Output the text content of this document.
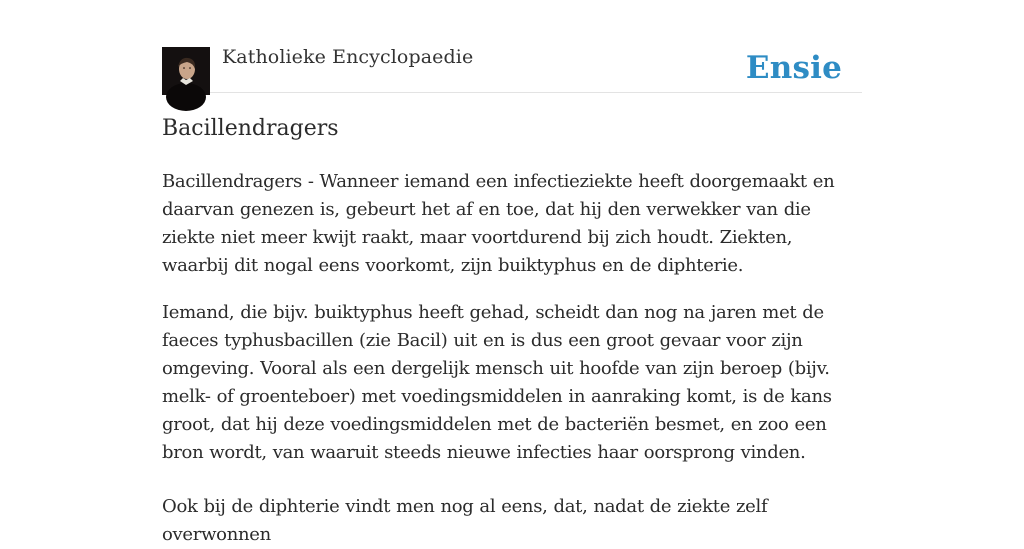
Katholieke Encyclopaedie	Ensie
Bacillendragers

Bacillendragers - Wanneer iemand een infectieziekte heeft doorgemaakt en daarvan genezen is, gebeurt het af en toe, dat hij den verwekker van die ziekte niet meer kwijt raakt, maar voortdurend bij zich houdt. Ziekten, waarbij dit nogal eens voorkomt, zijn buiktyphus en de diphterie.

Iemand, die bijv. buiktyphus heeft gehad, scheidt dan nog na jaren met de faeces typhusbacillen (zie Bacil) uit en is dus een groot gevaar voor zijn omgeving. Vooral als een dergelijk mensch uit hoofde van zijn beroep (bijv. melk- of groenteboer) met voedingsmiddelen in aanraking komt, is de kans groot, dat hij deze voedingsmiddelen met de bacteriën besmet, en zoo een bron wordt, van waaruit steeds nieuwe infecties haar oorsprong vinden.

Ook bij de diphterie vindt men nog al eens, dat, nadat de ziekte zelf overwonnen
